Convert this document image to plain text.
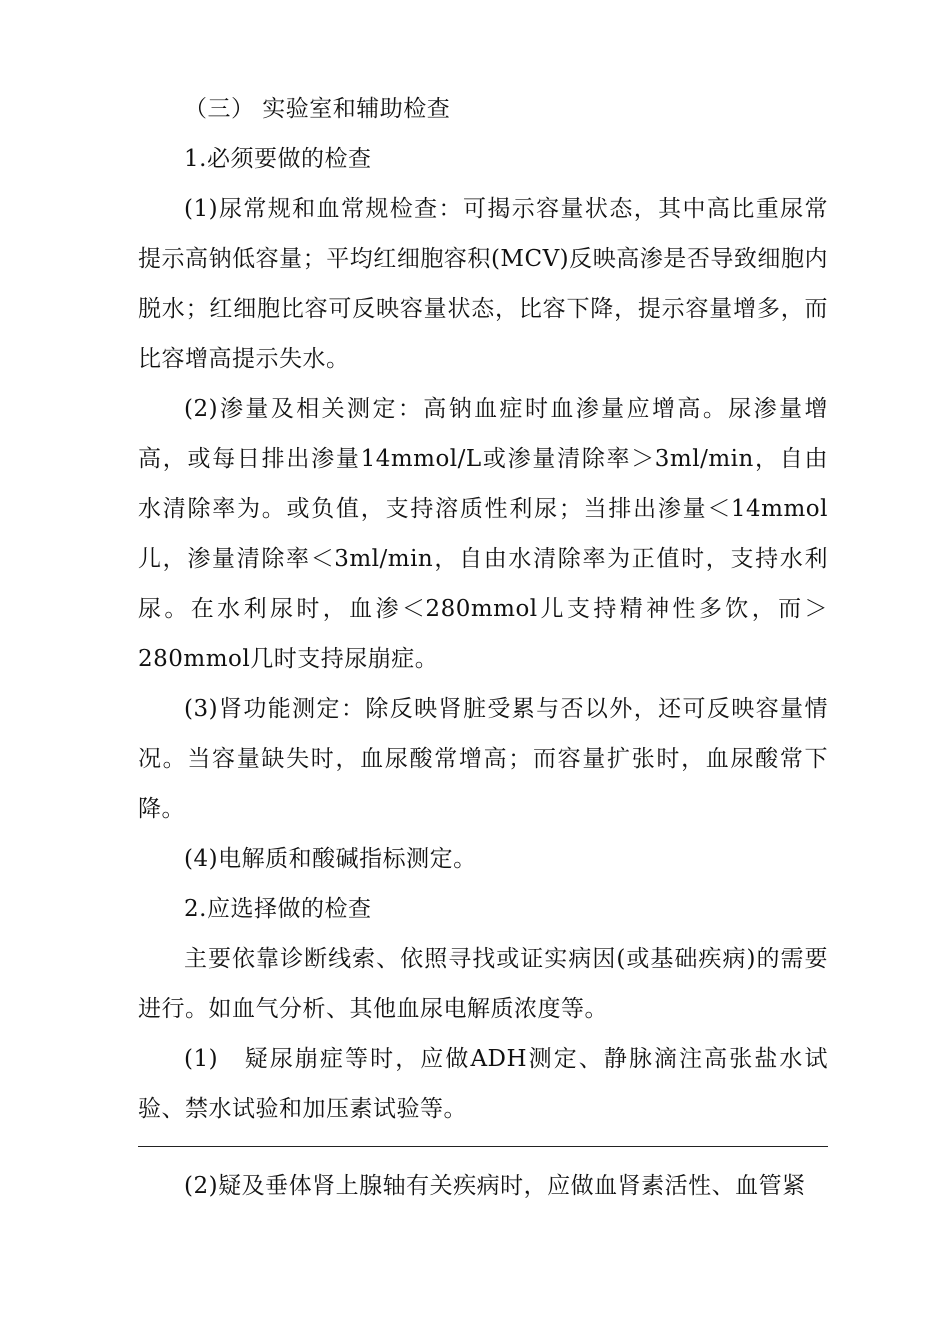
（三） 实验室和辅助检查

1.必须要做的检查

(1)尿常规和血常规检查：可揭示容量状态，其中高比重尿常提示高钠低容量；平均红细胞容积(MCV)反映高渗是否导致细胞内脱水；红细胞比容可反映容量状态，比容下降，提示容量增多，而比容增高提示失水。

(2)渗量及相关测定：高钠血症时血渗量应增高。尿渗量增高，或每日排出渗量14mmol/L或渗量清除率＞3ml/min，自由水清除率为。或负值，支持溶质性利尿；当排出渗量＜14mmol儿，渗量清除率＜3ml/min，自由水清除率为正值时，支持水利尿。在水利尿时，血渗＜280mmol儿支持精神性多饮，而＞280mmol几时支持尿崩症。

(3)肾功能测定：除反映肾脏受累与否以外，还可反映容量情况。当容量缺失时，血尿酸常增高；而容量扩张时，血尿酸常下降。

(4)电解质和酸碱指标测定。

2.应选择做的检查

主要依靠诊断线索、依照寻找或证实病因(或基础疾病)的需要进行。如血气分析、其他血尿电解质浓度等。

(1)　疑尿崩症等时，应做ADH测定、静脉滴注高张盐水试验、禁水试验和加压素试验等。

(2)疑及垂体肾上腺轴有关疾病时，应做血肾素活性、血管紧
